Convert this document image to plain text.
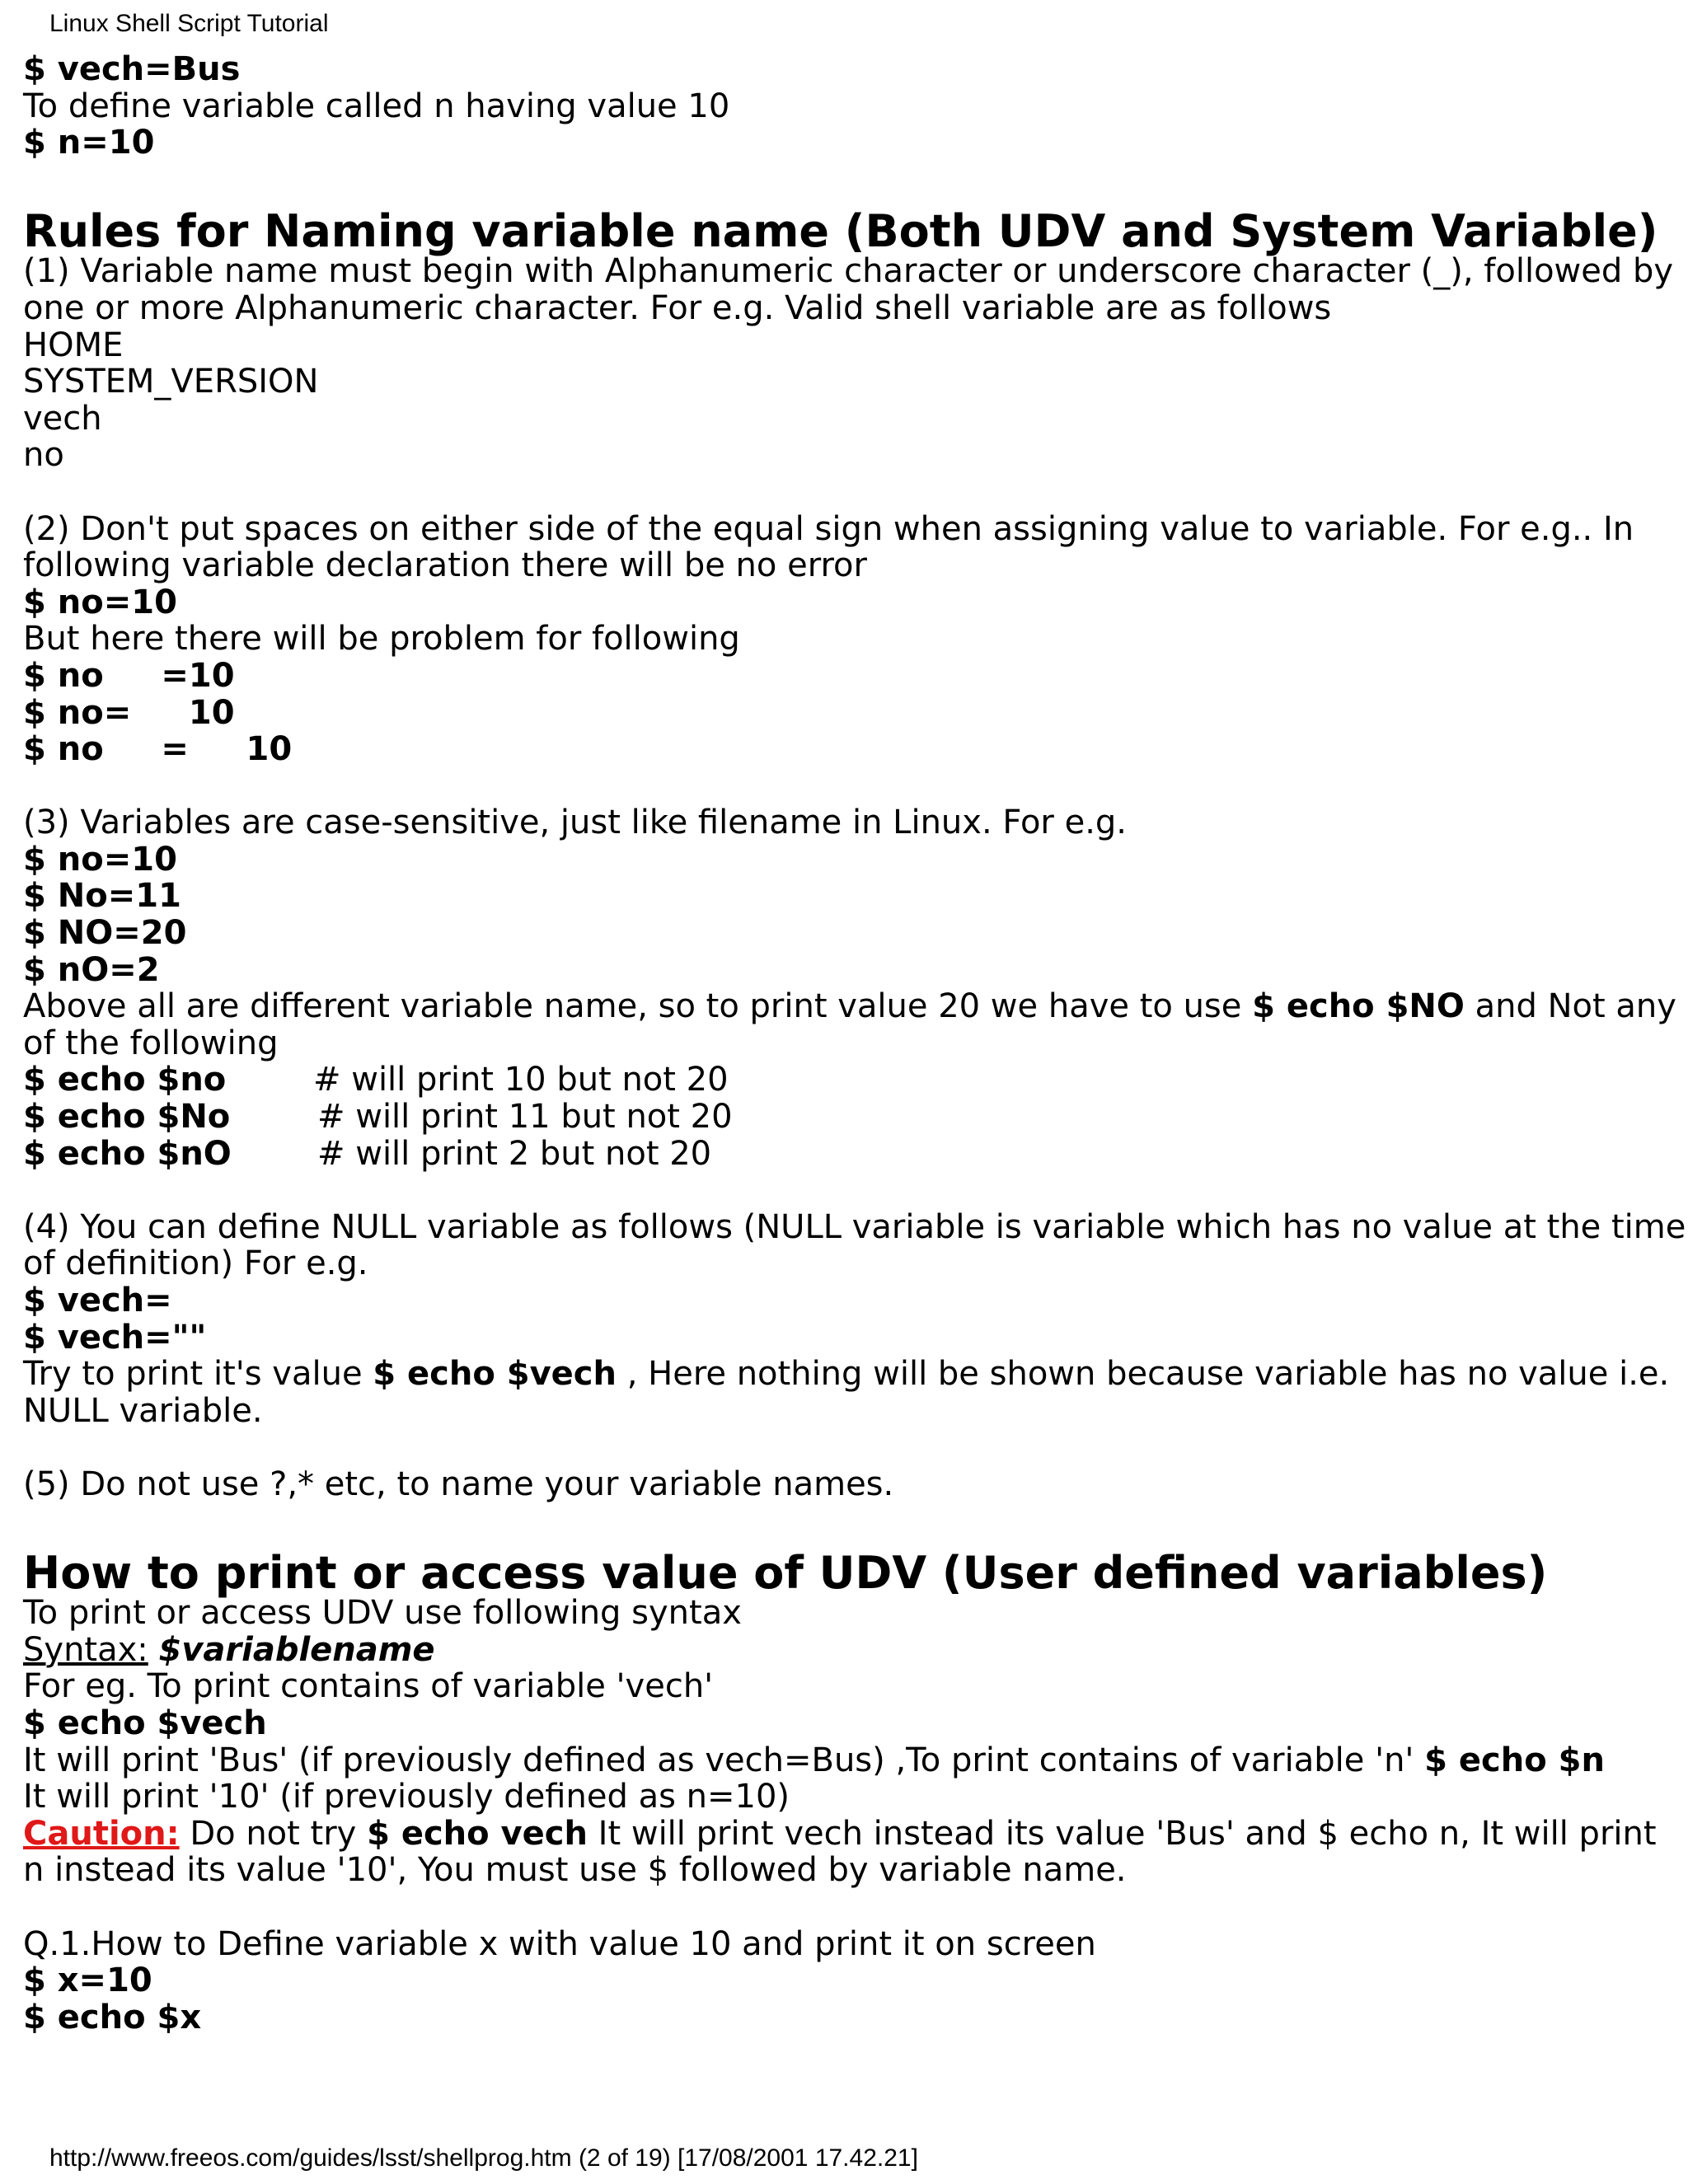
Linux Shell Script Tutorial
$ vech=Bus
To define variable called n having value 10
$ n=10
Rules for Naming variable name (Both UDV and System Variable)
(1) Variable name must begin with Alphanumeric character or underscore character (_), followed by
one or more Alphanumeric character. For e.g. Valid shell variable are as follows
HOME
SYSTEM_VERSION
vech
no
(2) Don't put spaces on either side of the equal sign when assigning value to variable. For e.g.. In
following variable declaration there will be no error
$ no=10
But here there will be problem for following
$ no     =10
$ no=     10
$ no     =     10
(3) Variables are case-sensitive, just like filename in Linux. For e.g.
$ no=10
$ No=11
$ NO=20
$ nO=2
Above all are different variable name, so to print value 20 we have to use $ echo $NO and Not any
of the following
$ echo $no	# will print 10 but not 20
$ echo $No	# will print 11 but not 20
$ echo $nO	# will print 2 but not 20
(4) You can define NULL variable as follows (NULL variable is variable which has no value at the time
of definition) For e.g.
$ vech=
$ vech=""
Try to print it's value $ echo $vech , Here nothing will be shown because variable has no value i.e.
NULL variable.
(5) Do not use ?,* etc, to name your variable names.
How to print or access value of UDV (User defined variables)
To print or access UDV use following syntax
Syntax: $variablename
For eg. To print contains of variable 'vech'
$ echo $vech
It will print 'Bus' (if previously defined as vech=Bus) ,To print contains of variable 'n' $ echo $n
It will print '10' (if previously defined as n=10)
Caution: Do not try $ echo vech It will print vech instead its value 'Bus' and $ echo n, It will print
n instead its value '10', You must use $ followed by variable name.
Q.1.How to Define variable x with value 10 and print it on screen
$ x=10
$ echo $x
http://www.freeos.com/guides/lsst/shellprog.htm (2 of 19) [17/08/2001 17.42.21]
